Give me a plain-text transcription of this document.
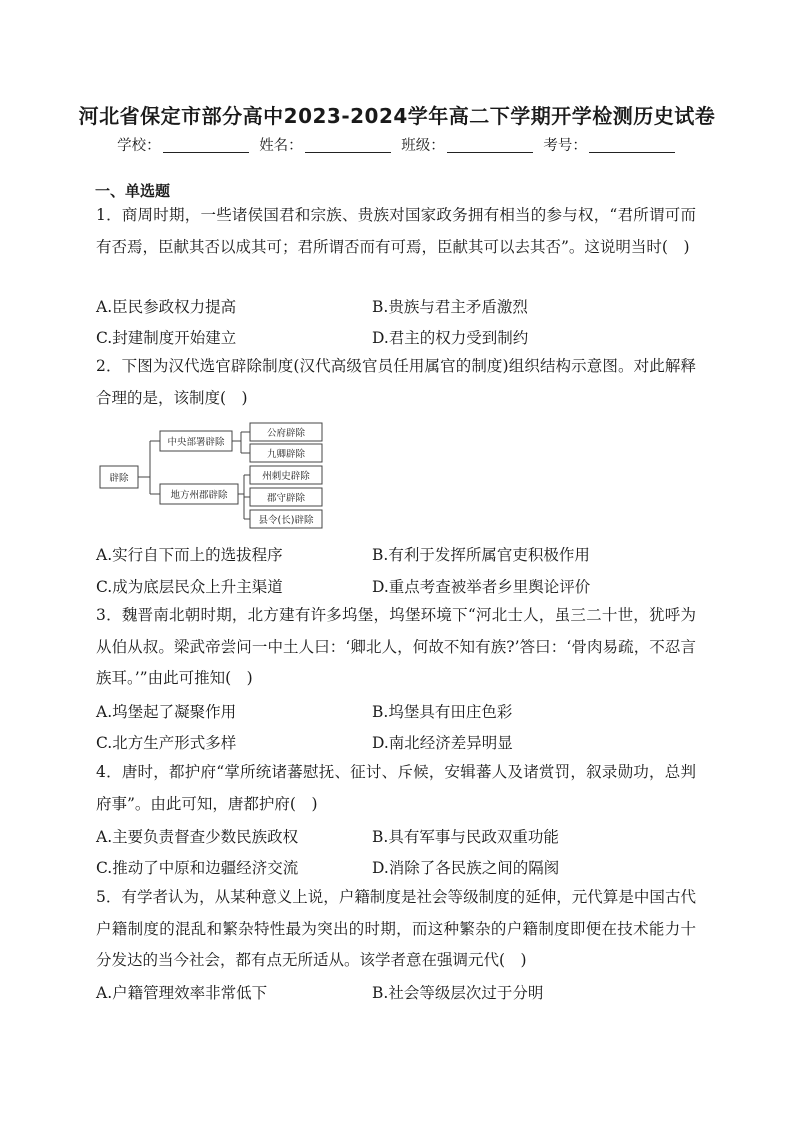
河北省保定市部分高中2023-2024学年高二下学期开学检测历史试卷
学校：	姓名：	班级：	考号：
一、单选题
1．商周时期，一些诸侯国君和宗族、贵族对国家政务拥有相当的参与权，“君所谓可而有否焉，臣献其否以成其可；君所谓否而有可焉，臣献其可以去其否”。这说明当时(　)
A.臣民参政权力提高	B.贵族与君主矛盾激烈
C.封建制度开始建立	D.君主的权力受到制约
2．下图为汉代选官辟除制度(汉代高级官员任用属官的制度)组织结构示意图。对此解释合理的是，该制度(　)
辟除
中央部署辟除
地方州郡辟除
公府辟除
九卿辟除
州刺史辟除
郡守辟除
县令(长)辟除
A.实行自下而上的选拔程序	B.有利于发挥所属官吏积极作用
C.成为底层民众上升主渠道	D.重点考查被举者乡里舆论评价
3．魏晋南北朝时期，北方建有许多坞堡，坞堡环境下“河北士人，虽三二十世，犹呼为从伯从叔。梁武帝尝问一中土人曰：‘卿北人，何故不知有族?’答曰：‘骨肉易疏，不忍言族耳。’”由此可推知(　)
A.坞堡起了凝聚作用	B.坞堡具有田庄色彩
C.北方生产形式多样	D.南北经济差异明显
4．唐时，都护府“掌所统诸蕃慰抚、征讨、斥候，安辑蕃人及诸赏罚，叙录勋功，总判府事”。由此可知，唐都护府(　)
A.主要负责督查少数民族政权	B.具有军事与民政双重功能
C.推动了中原和边疆经济交流	D.消除了各民族之间的隔阂
5．有学者认为，从某种意义上说，户籍制度是社会等级制度的延伸，元代算是中国古代户籍制度的混乱和繁杂特性最为突出的时期，而这种繁杂的户籍制度即便在技术能力十分发达的当今社会，都有点无所适从。该学者意在强调元代(　)
A.户籍管理效率非常低下	B.社会等级层次过于分明
